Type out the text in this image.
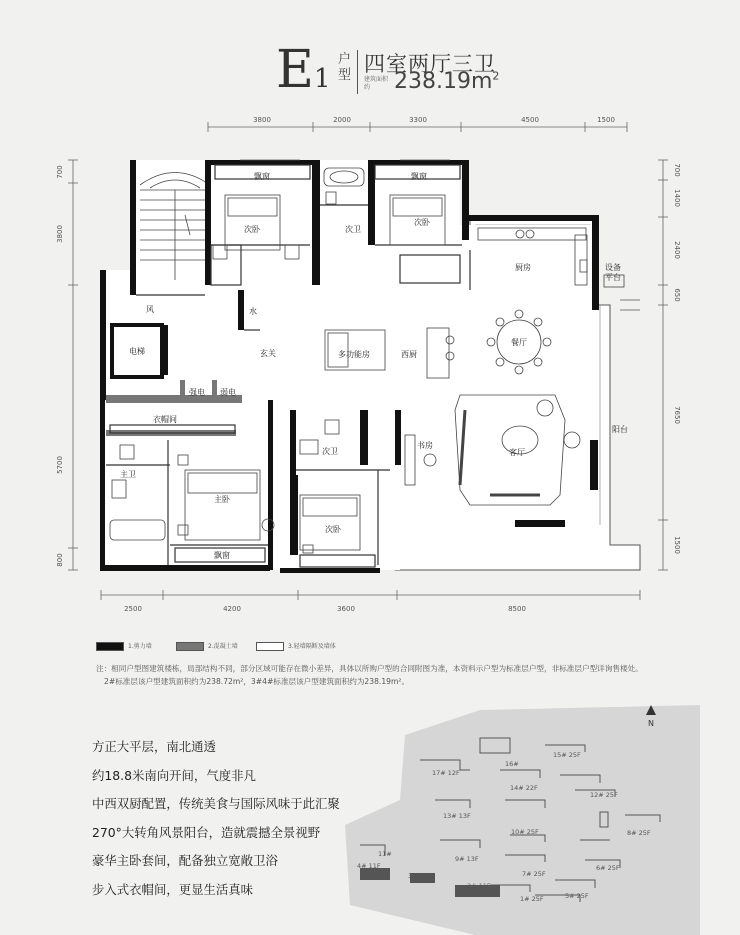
E1
户型 四室两厅三卫
建筑面积约	$238.19m^2$
3800	2000	3300	4500	1500
2500	4200	3600	8500
700
3800
5700
800
700
1400
2400
650
7650
1500
飘窗	飘窗
次卧	次卫
次卧
厨房	设备平台
风	水
电梯	玄关	多功能房	西厨
餐厅
强电 弱电
衣帽间
主卫
主卧
次卫
书房
客厅
阳台
次卧
飘窗
17# 12F
16#
15# 25F
14# 22F
12# 25F
13# 13F
10# 25F	8# 25F
11#
9# 13F
6# 25F
4# 11F
3# 11F	7# 25F
2# 11F
1# 25F	5# 25F
1.剪力墙	2.混凝土墙	3.轻墙隔断及墙体
注：相同户型图建筑楼栋，局部结构不同，部分区域可能存在微小差异，具体以所购户型的合同附图为准，本资料示户型为标准层户型，非标准层户型详询售楼处。
2#标准层该户型建筑面积约为238.72m²，3#4#标准层该户型建筑面积约为238.19m²。
N
方正大平层，南北通透
约18.8米南向开间，气度非凡
中西双厨配置，传统美食与国际风味于此汇聚
270°大转角风景阳台，造就震撼全景视野
豪华主卧套间，配备独立宽敞卫浴
步入式衣帽间，更显生活真味
